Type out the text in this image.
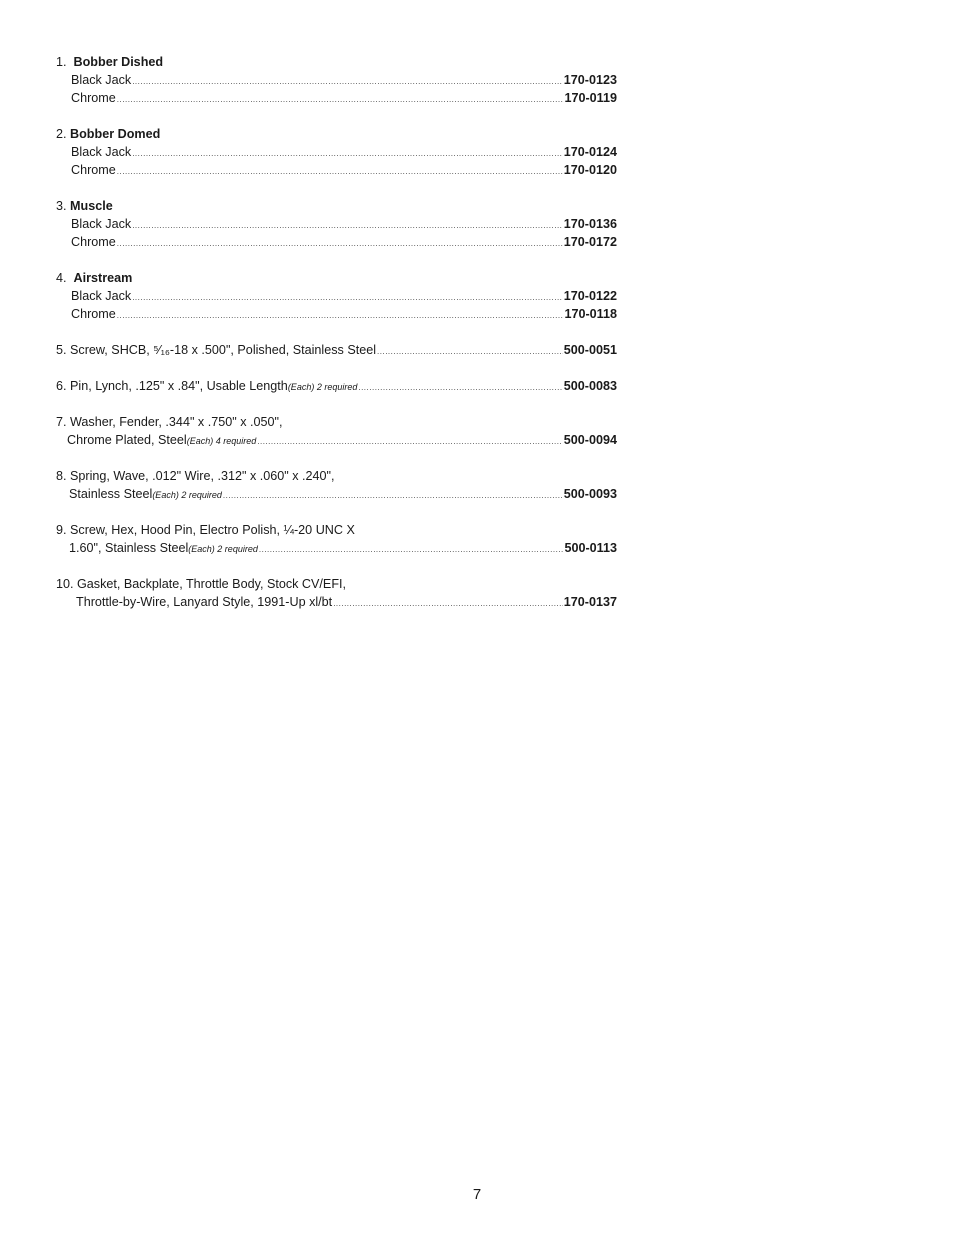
1.
Bobber Dished
Black Jack .....	170-0123
Chrome .....	170-0119
2.
Bobber Domed
Black Jack .....	170-0124
Chrome .....	170-0120
3.
Muscle
Black Jack .....	170-0136
Chrome .....	170-0172
4.
Airstream
Black Jack .....	170-0122
Chrome .....	170-0118
5. Screw, SHCB, ⁵⁄₁₆-18 x .500", Polished, Stainless Steel .....	500-0051
6. Pin, Lynch, .125" x .84", Usable Length (Each) 2 required .....	500-0083
7. Washer, Fender, .344" x .750" x .050",
Chrome Plated, Steel (Each) 4 required .....	500-0094
8. Spring, Wave, .012" Wire, .312" x .060" x .240",
Stainless Steel (Each) 2 required .....	500-0093
9. Screw, Hex, Hood Pin, Electro Polish, ¼-20 UNC X
1.60", Stainless Steel (Each) 2 required .....	500-0113
10. Gasket, Backplate, Throttle Body, Stock CV/EFI,
Throttle-by-Wire, Lanyard Style, 1991-Up xl/bt .....	170-0137
7
